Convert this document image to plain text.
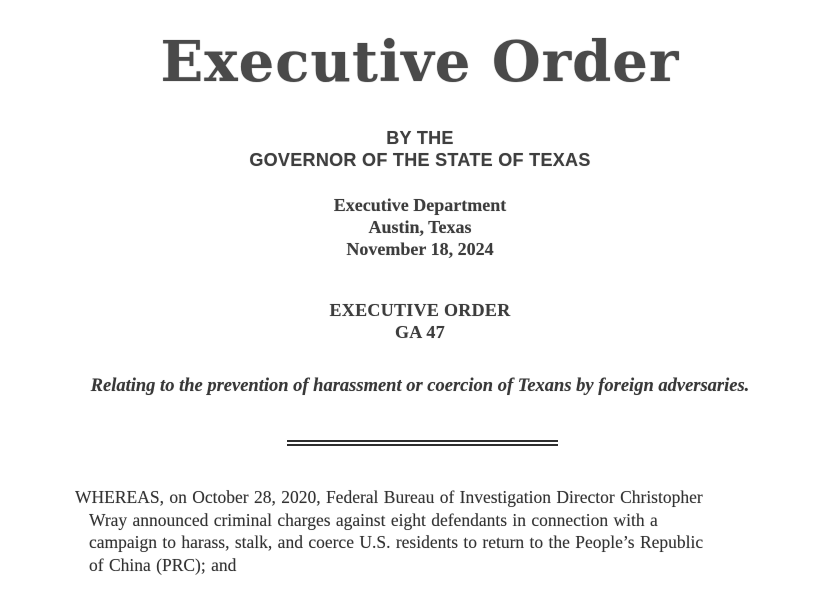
Executive Order
BY THE
GOVERNOR OF THE STATE OF TEXAS
Executive Department
Austin, Texas
November 18, 2024
EXECUTIVE ORDER
GA 47
Relating to the prevention of harassment or coercion of Texans by foreign adversaries.
WHEREAS, on October 28, 2020, Federal Bureau of Investigation Director Christopher
Wray announced criminal charges against eight defendants in connection with a
campaign to harass, stalk, and coerce U.S. residents to return to the People’s Republic
of China (PRC); and
